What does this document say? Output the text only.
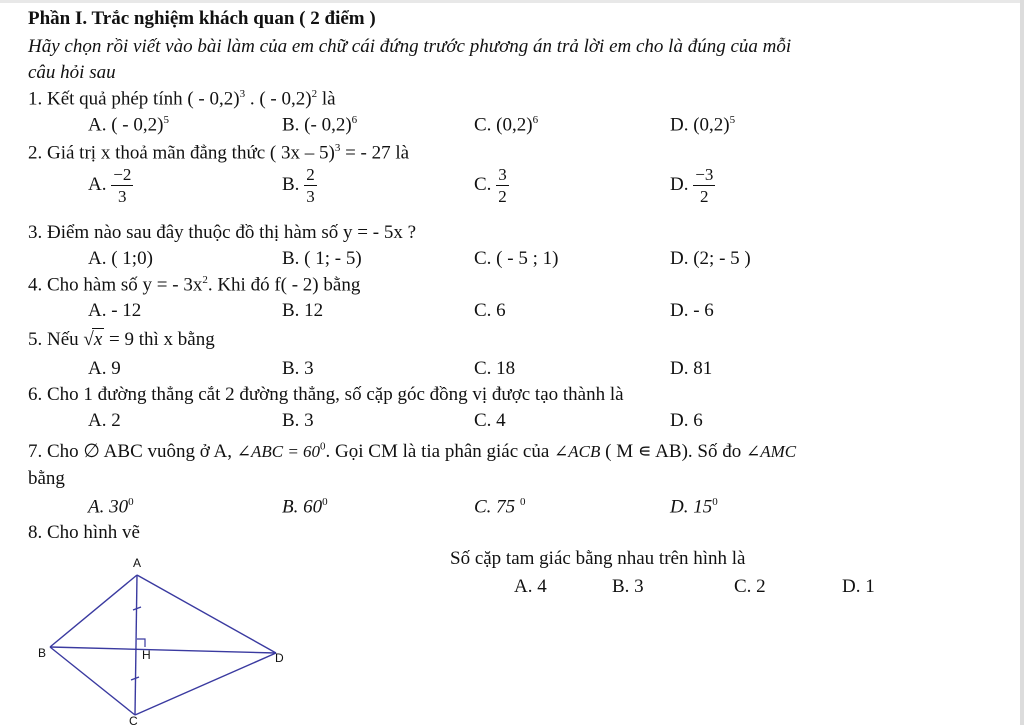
Phần I. Trắc nghiệm khách quan ( 2 điểm )
Hãy chọn rồi viết vào bài làm của em chữ cái đứng trước phương án trả lời em cho là đúng của mỗi
câu hỏi sau
1. Kết quả phép tính ( - 0,2)$^3$ . ( - 0,2)$^2$ là
A. ( - 0,2)$^5$	B. (- 0,2)$^6$	C. $(0,2)^6$	D. $(0,2)^5$
2. Giá trị x thoả mãn đẳng thức ( 3x – 5)$^3$ = - 27 là
A. $\frac{-2}{3}$	B. $\frac{2}{3}$	C. $\frac{3}{2}$	D. $\frac{-3}{2}$
3. Điểm nào sau đây thuộc đồ thị hàm số y = - 5x ?
A. ( 1;0)	B. ( 1; - 5)	C. ( - 5 ; 1)	D. (2; - 5 )
4. Cho hàm số y = - $3x^2$. Khi đó f( - 2) bằng
A. - 12	B. 12	C. 6	D. - 6
5. Nếu √x = 9 thì x bằng
A. 9	B. 3	C. 18	D. 81
6. Cho 1 đường thẳng cắt 2 đường thẳng, số cặp góc đồng vị được tạo thành là
A. 2	B. 3	C. 4	D. 6
7. Cho ∅ ABC vuông ở A, ∠ABC = $60^0$. Gọi CM là tia phân giác của ∠ACB ( M ∊ AB). Số đo ∠AMC
bằng
A. $30^0$	B. $60^0$	C. 75 $^0$	D. $15^0$
8. Cho hình vẽ
Số cặp tam giác bằng nhau trên hình là
A. 4	B. 3	C. 2	D. 1
A
B	H	D
C
